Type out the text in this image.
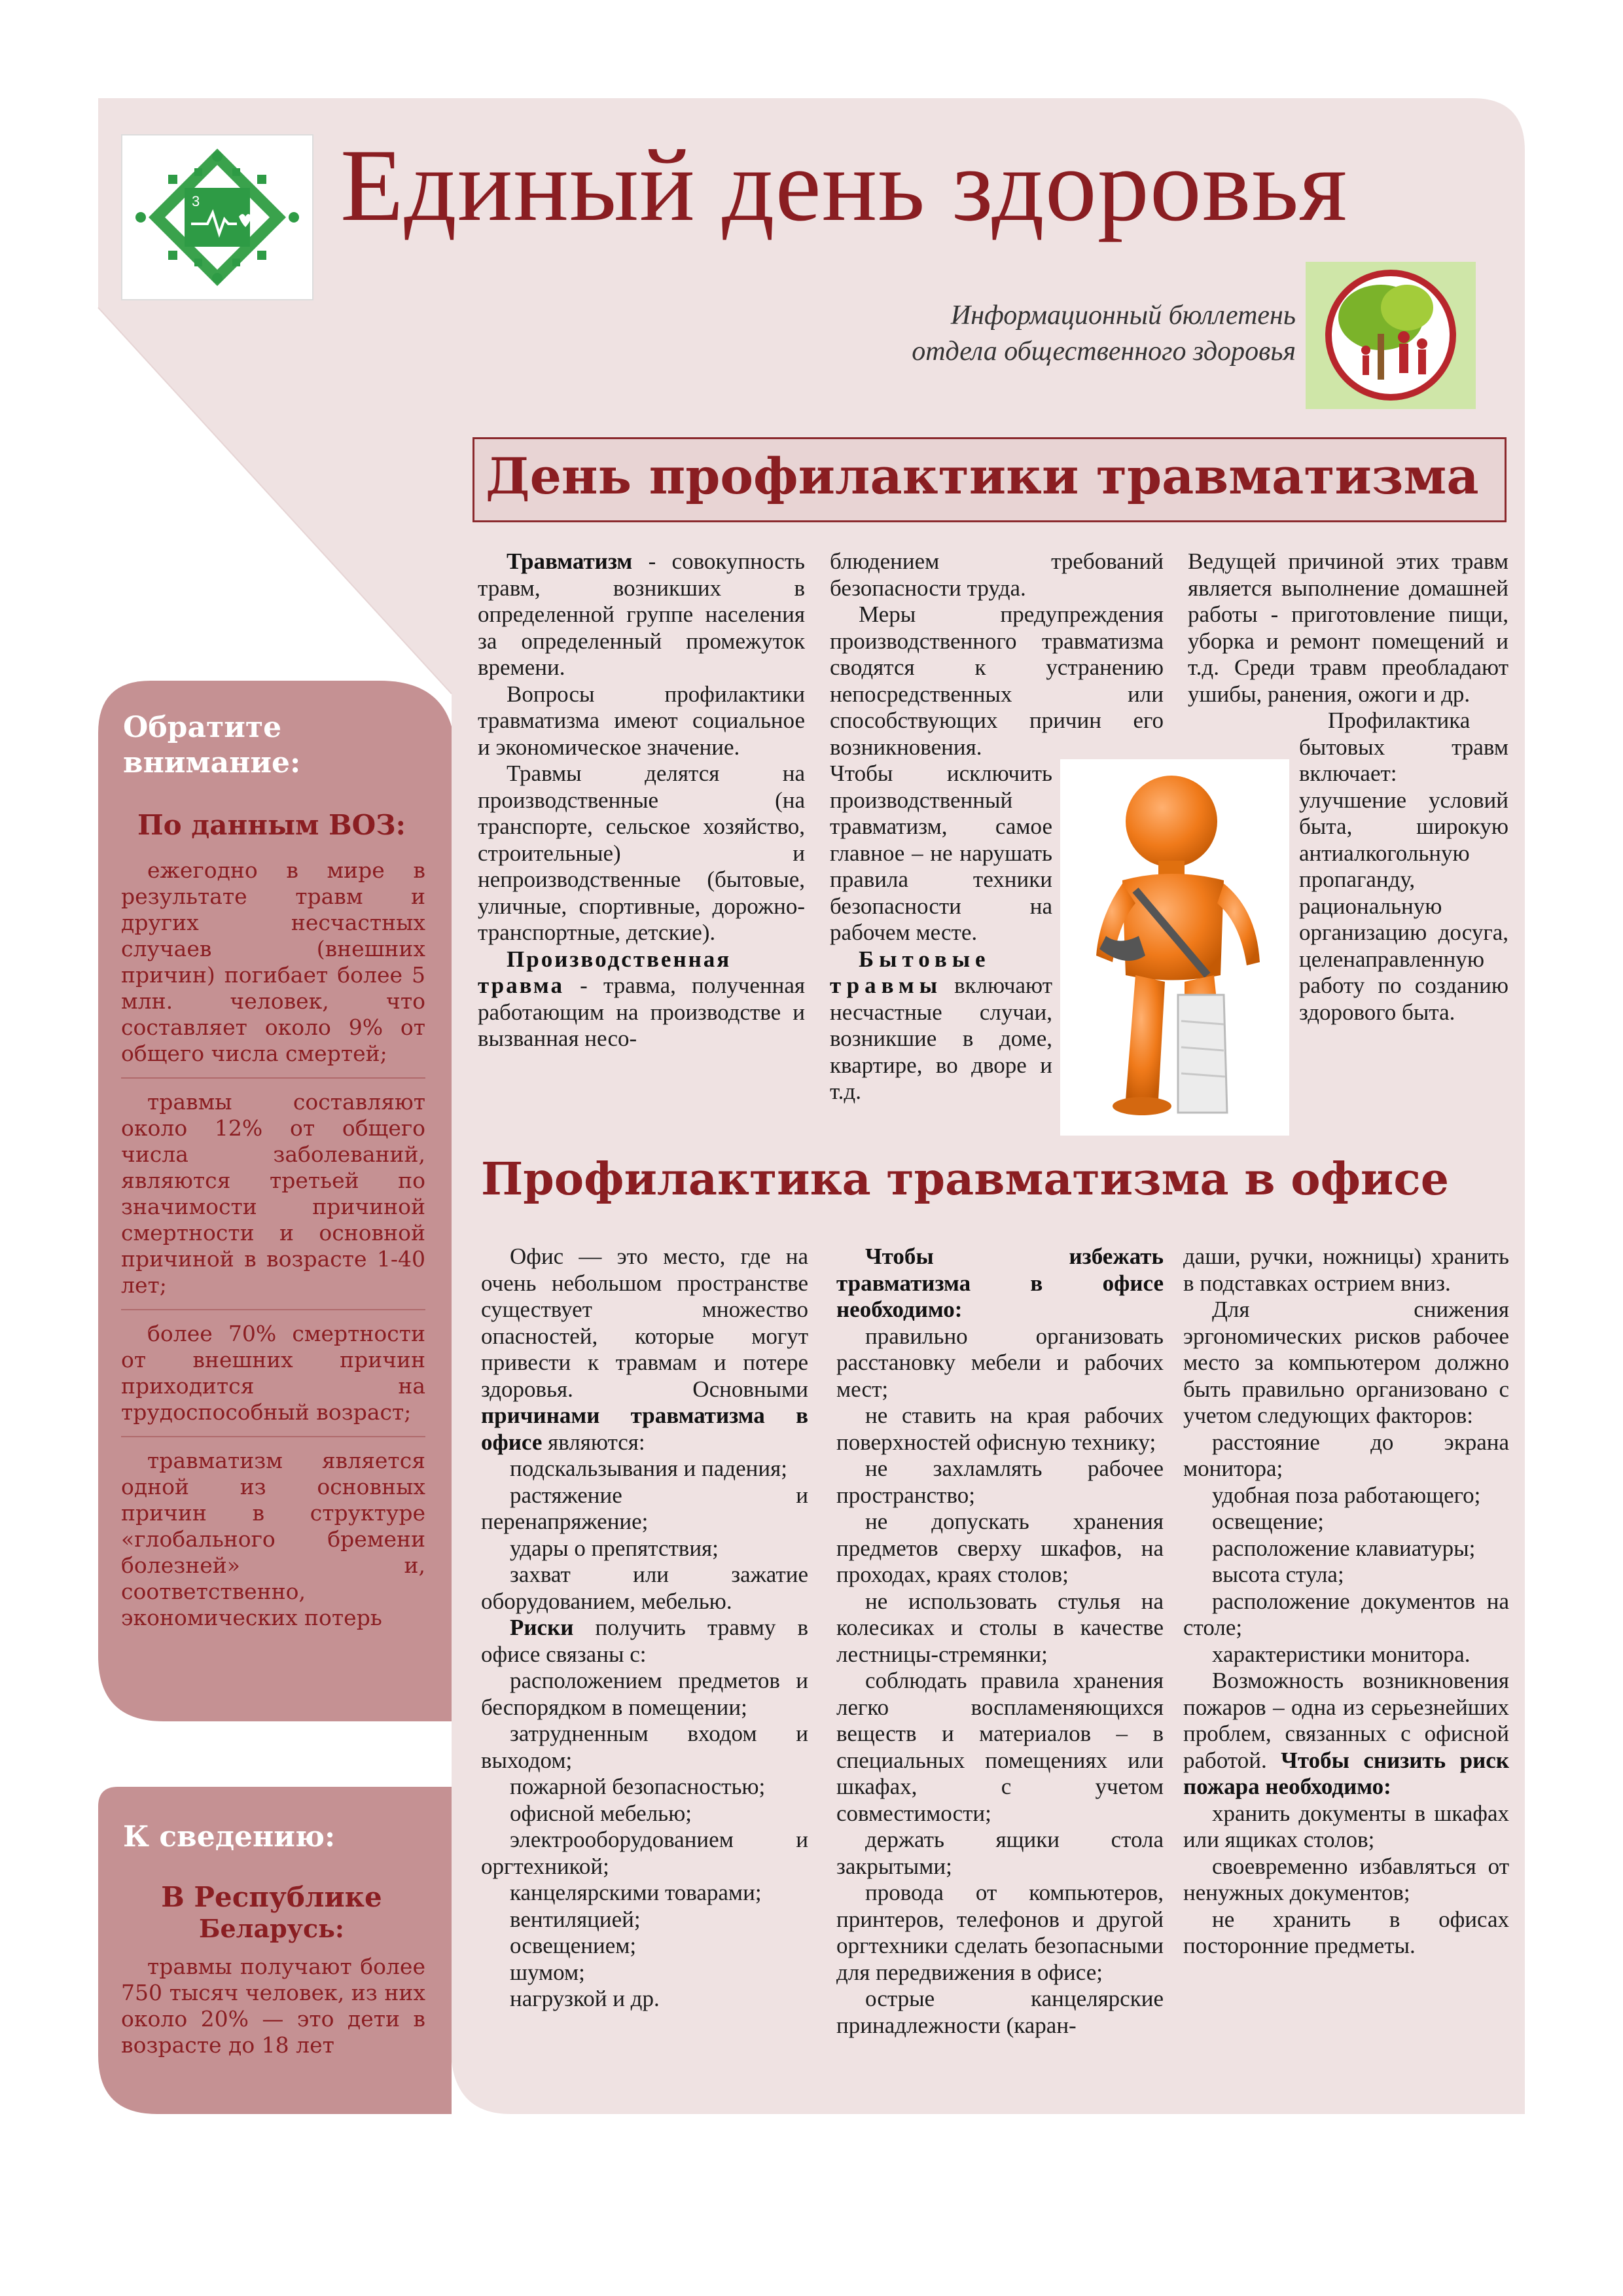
3 Единый день здоровья
Информационный бюллетень
отдела общественного здоровья
День профилактики травматизма

Травматизм - совокупность травм, возникших в определенной группе населения за определенный промежуток времени.

Вопросы профилактики травматизма имеют социальное и экономическое значение.

Травмы делятся на производственные (на транспорте, сельское хозяйство, строительные) и непроизводственные (бытовые, уличные, спортивные, дорожно-транспортные, детские).

Производственная травма - травма, полученная работающим на производстве и вызванная несо-

блюдением требований безопасности труда.

Меры предупреждения производственного травматизма сводятся к устранению непосредственных или способствующих причин его возникновения.

Чтобы исключить производственный травматизм, самое главное – не нарушать правила техники безопасности на рабочем месте.

Бытовые травмы включают несчастные случаи, возникшие в доме, квартире, во дворе и т.д.

Ведущей причиной этих травм является выполнение домашней работы - приготовление пищи, уборка и ремонт помещений и т.д. Среди травм преобладают ушибы, ранения, ожоги и др.

Профилактика бытовых травм включает: улучшение условий быта, широкую антиалкогольную пропаганду, рациональную организацию досуга, целенаправленную работу по созданию здорового быта.

Профилактика травматизма в офисе

Офис — это место, где на очень небольшом пространстве существует множество опасностей, которые могут привести к травмам и потере здоровья. Основными причинами травматизма в офисе являются:

подскальзывания и падения;

растяжение и перенапряжение;

удары о препятствия;

захват или зажатие оборудованием, мебелью.

Риски получить травму в офисе связаны с:

расположением предметов и беспорядком в помещении;

затрудненным входом и выходом;

пожарной безопасностью;

офисной мебелью;

электрооборудованием и оргтехникой;

канцелярскими товарами;

вентиляцией;

освещением;

шумом;

нагрузкой и др.

Чтобы избежать травматизма в офисе необходимо:

правильно организовать расстановку мебели и рабочих мест;

не ставить на края рабочих поверхностей офисную технику;

не захламлять рабочее пространство;

не допускать хранения предметов сверху шкафов, на проходах, краях столов;

не использовать стулья на колесиках и столы в качестве лестницы-стремянки;

соблюдать правила хранения легко воспламеняющихся веществ и материалов – в специальных помещениях или шкафах, с учетом совместимости;

держать ящики стола закрытыми;

провода от компьютеров, принтеров, телефонов и другой оргтехники сделать безопасными для передвижения в офисе;

острые канцелярские принадлежности (каран-

даши, ручки, ножницы) хранить в подставках острием вниз.

Для снижения эргономических рисков рабочее место за компьютером должно быть правильно организовано с учетом следующих факторов:

расстояние до экрана монитора;

удобная поза работающего;

освещение;

расположение клавиатуры;

высота стула;

расположение документов на столе;

характеристики монитора.

Возможность возникновения пожаров – одна из серьезнейших проблем, связанных с офисной работой. Чтобы снизить риск пожара необходимо:

хранить документы в шкафах или ящиках столов;

своевременно избавляться от ненужных документов;

не хранить в офисах посторонние предметы.

Обратите
внимание:
По данным ВОЗ:

ежегодно в мире в результате травм и других несчастных случаев (внешних причин) погибает более 5 млн. человек, что составляет около 9% от общего числа смертей;

травмы составляют около 12% от общего числа заболеваний, являются третьей по значимости причиной смертности и основной причиной в возрасте 1-40 лет;

более 70% смертности от внешних причин приходится на трудоспособный возраст;

травматизм является одной из основных причин в структуре «глобального бремени болезней» и, соответственно, экономических потерь

К сведению:
В Республике
Беларусь:

травмы получают более 750 тысяч человек, из них около 20% — это дети в возрасте до 18 лет
